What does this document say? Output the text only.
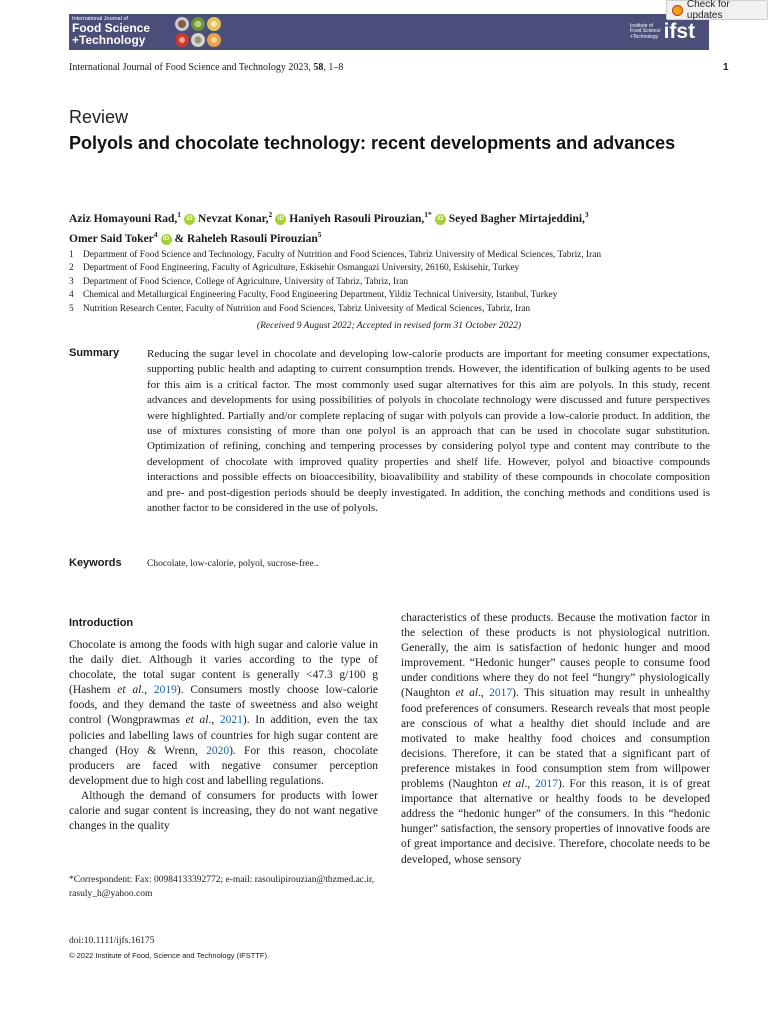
International Journal of
Food Science
+Technology
Institute of
Food Science
+Technology ifst
Check for updates
International Journal of Food Science and Technology 2023, 58, 1–8	1
Review
Polyols and chocolate technology: recent developments and advances
Aziz Homayouni Rad,$^1$ iD Nevzat Konar,$^2$ iD Haniyeh Rasouli Pirouzian,$^{1*}$ iD Seyed Bagher Mirtajeddini,$^3$
Omer Said Toker$^4$ iD & Raheleh Rasouli Pirouzian$^5$
1 Department of Food Science and Technology, Faculty of Nutrition and Food Sciences, Tabriz University of Medical Sciences, Tabriz, Iran
2 Department of Food Engineering, Faculty of Agriculture, Eskisehir Osmangazi University, 26160, Eskisehir, Turkey
3 Department of Food Science, College of Agriculture, University of Tabriz, Tabriz, Iran
4 Chemical and Metallurgical Engineering Faculty, Food Engineering Department, Yildiz Technical University, Istanbul, Turkey
5 Nutrition Research Center, Faculty of Nutrition and Food Sciences, Tabriz University of Medical Sciences, Tabriz, Iran
(Received 9 August 2022; Accepted in revised form 31 October 2022)
Summary	Reducing the sugar level in chocolate and developing low-calorie products are important for meeting consumer expectations, supporting public health and adapting to current consumption trends. However, the identification of bulking agents to be used for this aim is a critical factor. The most commonly used sugar alternatives for this aim are polyols. In this study, recent advances and developments for using possibilities of polyols in chocolate technology were discussed and future perspectives were highlighted. Partially and/or complete replacing of sugar with polyols can provide a low-calorie product. In addition, the use of mixtures consisting of more than one polyol is an approach that can be used in chocolate sugar substitution. Optimization of refining, conching and tempering processes by considering polyol type and content may contribute to the development of chocolate with improved quality properties and shelf life. However, polyol and bioactive compounds interactions and possible effects on bioaccesibility, bioavalibility and stability of these compounds in chocolate composition and pre- and post-digestion periods should be deeply investigated. In addition, the conching methods and conditions used is another factor to be considered in the use of polyols.
Keywords	Chocolate, low-calorie, polyol, sucrose-free..
Introduction
Chocolate is among the foods with high sugar and calorie value in the daily diet. Although it varies according to the type of chocolate, the total sugar content is generally <47.3 g/100 g (Hashem et al., 2019). Consumers mostly choose low-calorie foods, and they demand the taste of sweetness and also weight control (Wongprawmas et al., 2021). In addition, even the tax policies and labelling laws of countries for high sugar content are changed (Hoy & Wrenn, 2020). For this reason, chocolate producers are faced with negative consumer perception development due to high cost and labelling regulations.
Although the demand of consumers for products with lower calorie and sugar content is increasing, they do not want negative changes in the quality
characteristics of these products. Because the motivation factor in the selection of these products is not physiological nutrition. Generally, the aim is satisfaction of hedonic hunger and mood improvement. “Hedonic hunger” causes people to consume food under conditions where they do not feel “hungry” physiologically (Naughton et al., 2017). This situation may result in unhealthy food preferences of consumers. Research reveals that most people are conscious of what a healthy diet should include and are motivated to make healthy food choices and consumption decisions. Therefore, it can be stated that a significant part of preference mistakes in food consumption stem from willpower problems (Naughton et al., 2017). For this reason, it is of great importance that alternative or healthy foods to be developed address the “hedonic hunger” of the consumers. In this “hedonic hunger” satisfaction, the sensory properties of innovative foods are of great importance and decisive. Therefore, chocolate needs to be developed, whose sensory
*Correspondent: Fax: 00984133392772; e-mail: rasoulipirouzian@tbzmed.ac.ir, rasuly_h@yahoo.com
doi:10.1111/ijfs.16175
© 2022 Institute of Food, Science and Technology (IFSTTF).
